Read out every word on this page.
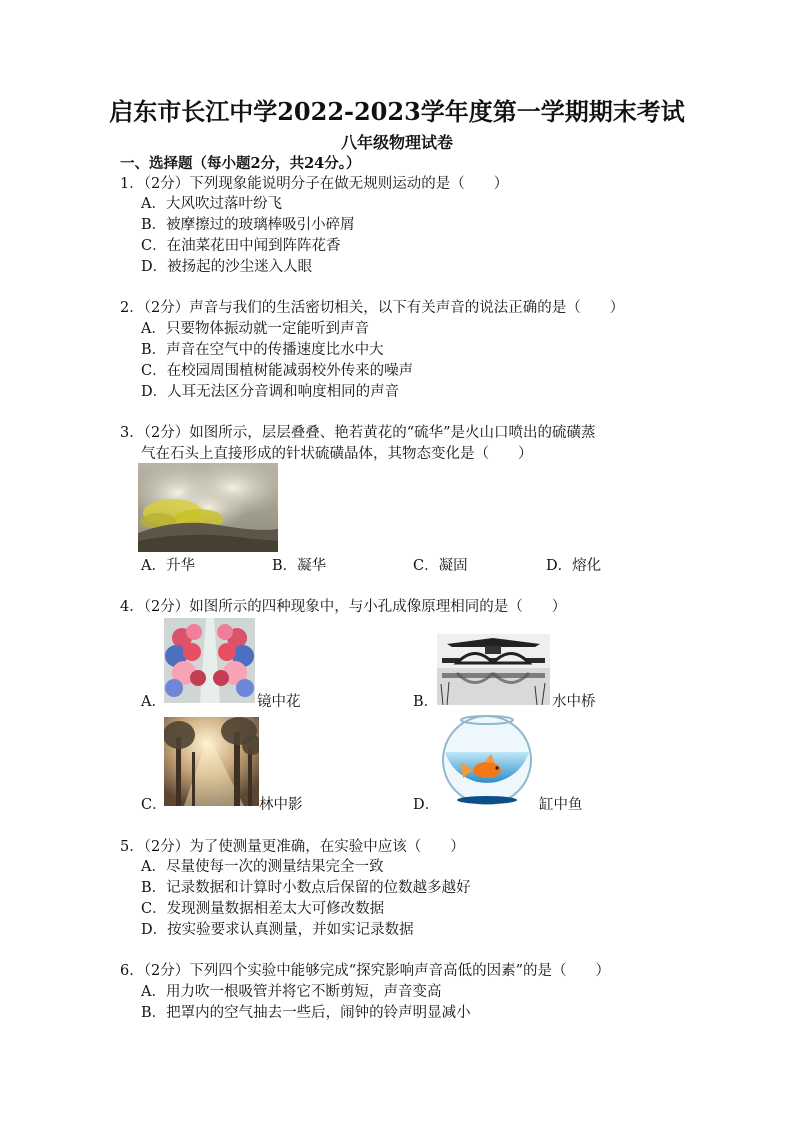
启东市长江中学2022-2023学年度第一学期期末考试
八年级物理试卷
一、选择题（每小题2分，共24分。）
1．（2分）下列现象能说明分子在做无规则运动的是（　　）
A．大风吹过落叶纷飞
B．被摩擦过的玻璃棒吸引小碎屑
C．在油菜花田中闻到阵阵花香
D．被扬起的沙尘迷入人眼
2．（2分）声音与我们的生活密切相关，以下有关声音的说法正确的是（　　）
A．只要物体振动就一定能听到声音
B．声音在空气中的传播速度比水中大
C．在校园周围植树能减弱校外传来的噪声
D．人耳无法区分音调和响度相同的声音
3．（2分）如图所示，层层叠叠、艳若黄花的“硫华”是火山口喷出的硫磺蒸
气在石头上直接形成的针状硫磺晶体，其物态变化是（　　）
A．升华	B．凝华	C．凝固	D．熔化
4．（2分）如图所示的四种现象中，与小孔成像原理相同的是（　　）
A．	镜中花	B．	水中桥
C．	林中影	D．	缸中鱼
5．（2分）为了使测量更准确，在实验中应该（　　）
A．尽量使每一次的测量结果完全一致
B．记录数据和计算时小数点后保留的位数越多越好
C．发现测量数据相差太大可修改数据
D．按实验要求认真测量，并如实记录数据
6．（2分）下列四个实验中能够完成“探究影响声音高低的因素”的是（　　）
A．用力吹一根吸管并将它不断剪短，声音变高
B．把罩内的空气抽去一些后，闹钟的铃声明显减小
